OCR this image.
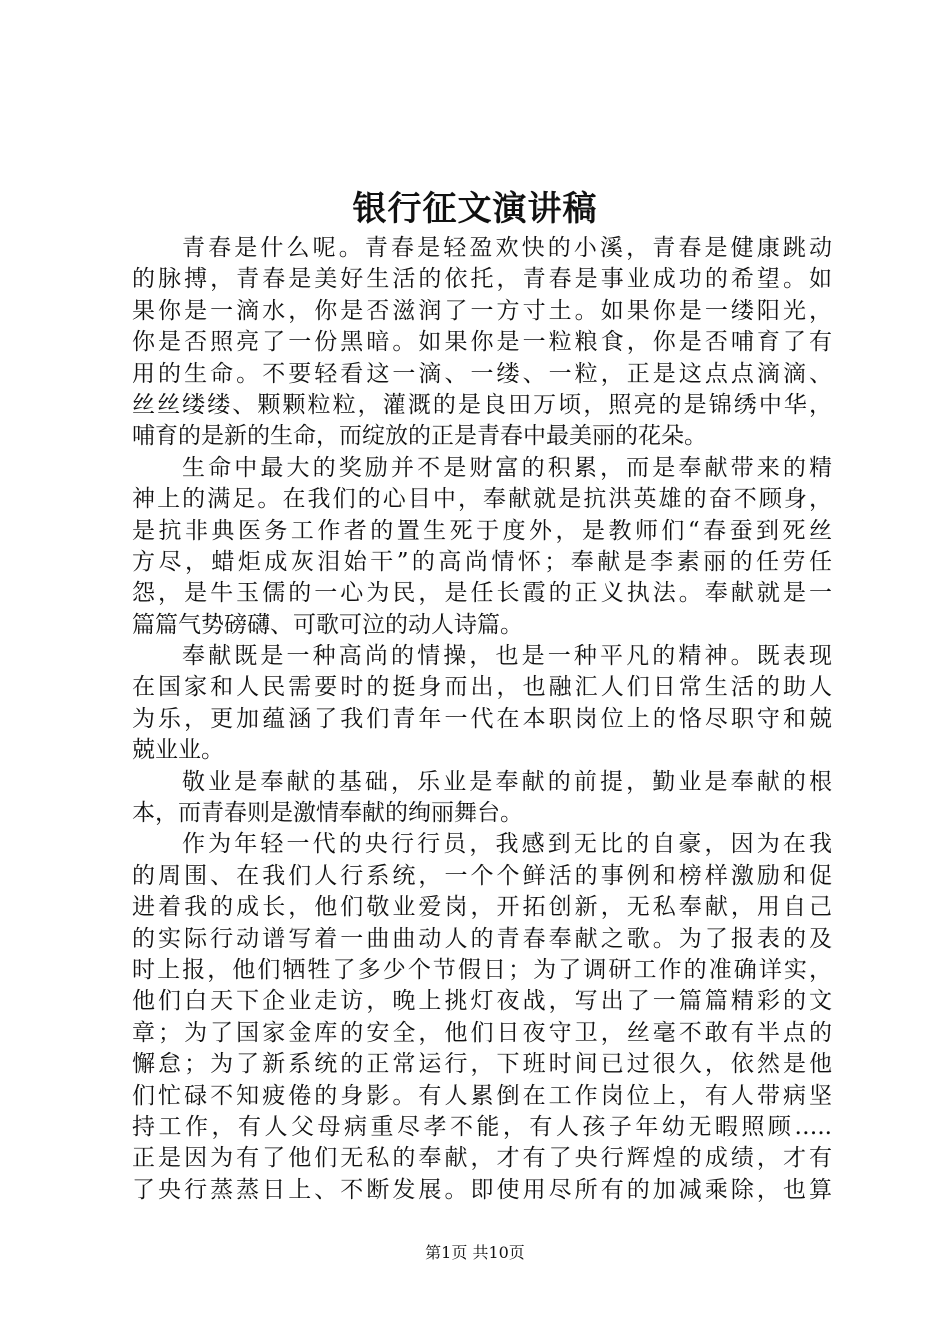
银行征文演讲稿
青春是什么呢。青春是轻盈欢快的小溪，青春是健康跳动
的脉搏，青春是美好生活的依托，青春是事业成功的希望。如
果你是一滴水，你是否滋润了一方寸土。如果你是一缕阳光，
你是否照亮了一份黑暗。如果你是一粒粮食，你是否哺育了有
用的生命。不要轻看这一滴、一缕、一粒，正是这点点滴滴、
丝丝缕缕、颗颗粒粒，灌溉的是良田万顷，照亮的是锦绣中华，
哺育的是新的生命，而绽放的正是青春中最美丽的花朵。
生命中最大的奖励并不是财富的积累，而是奉献带来的精
神上的满足。在我们的心目中，奉献就是抗洪英雄的奋不顾身，
是抗非典医务工作者的置生死于度外，是教师们“春蚕到死丝
方尽，蜡炬成灰泪始干”的高尚情怀；奉献是李素丽的任劳任
怨，是牛玉儒的一心为民，是任长霞的正义执法。奉献就是一
篇篇气势磅礴、可歌可泣的动人诗篇。
奉献既是一种高尚的情操，也是一种平凡的精神。既表现
在国家和人民需要时的挺身而出，也融汇人们日常生活的助人
为乐，更加蕴涵了我们青年一代在本职岗位上的恪尽职守和兢
兢业业。
敬业是奉献的基础，乐业是奉献的前提，勤业是奉献的根
本，而青春则是激情奉献的绚丽舞台。
作为年轻一代的央行行员，我感到无比的自豪，因为在我
的周围、在我们人行系统，一个个鲜活的事例和榜样激励和促
进着我的成长，他们敬业爱岗，开拓创新，无私奉献，用自己
的实际行动谱写着一曲曲动人的青春奉献之歌。为了报表的及
时上报，他们牺牲了多少个节假日；为了调研工作的准确详实，
他们白天下企业走访，晚上挑灯夜战，写出了一篇篇精彩的文
章；为了国家金库的安全，他们日夜守卫，丝毫不敢有半点的
懈怠；为了新系统的正常运行，下班时间已过很久，依然是他
们忙碌不知疲倦的身影。有人累倒在工作岗位上，有人带病坚
持工作，有人父母病重尽孝不能，有人孩子年幼无暇照顾…..
正是因为有了他们无私的奉献，才有了央行辉煌的成绩，才有
了央行蒸蒸日上、不断发展。即使用尽所有的加减乘除，也算
第1页 共10页
